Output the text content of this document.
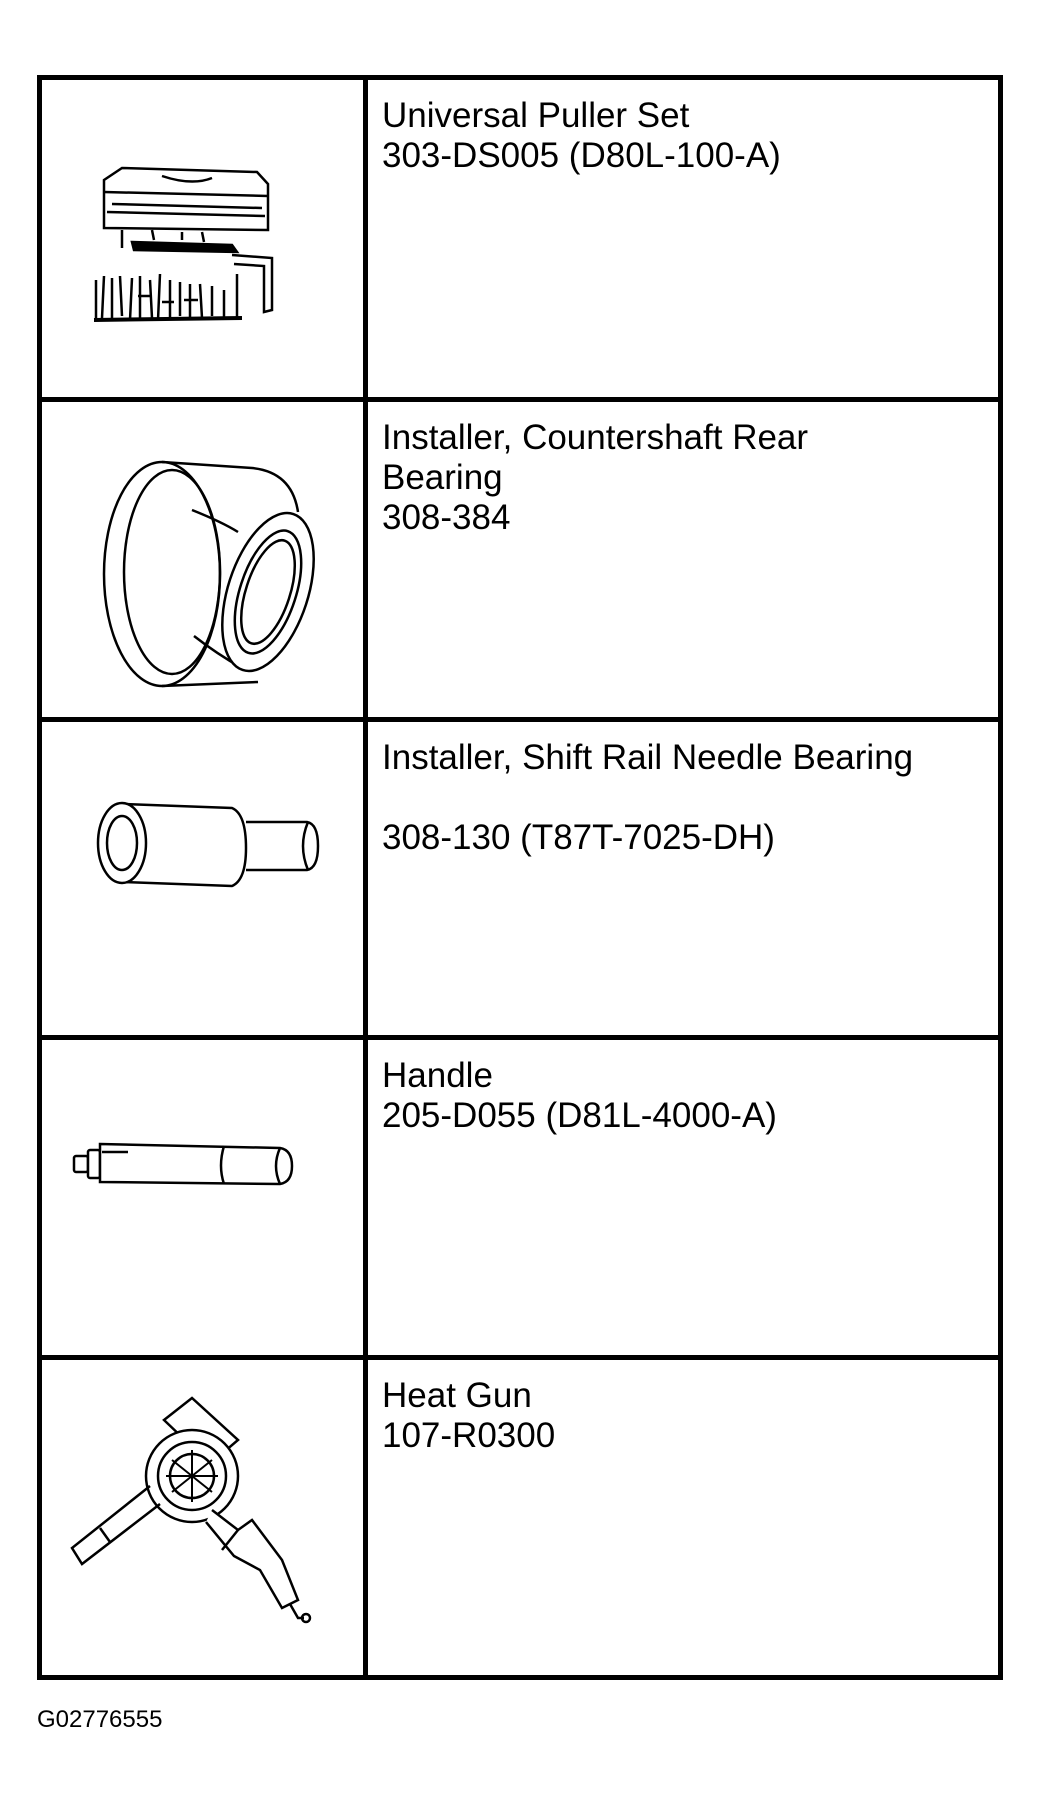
Universal Puller Set
303-DS005 (D80L-100-A)
Installer, Countershaft Rear
Bearing
308-384
Installer, Shift Rail Needle Bearing

308-130 (T87T-7025-DH)
Handle
205-D055 (D81L-4000-A)
Heat Gun
107-R0300
G02776555
